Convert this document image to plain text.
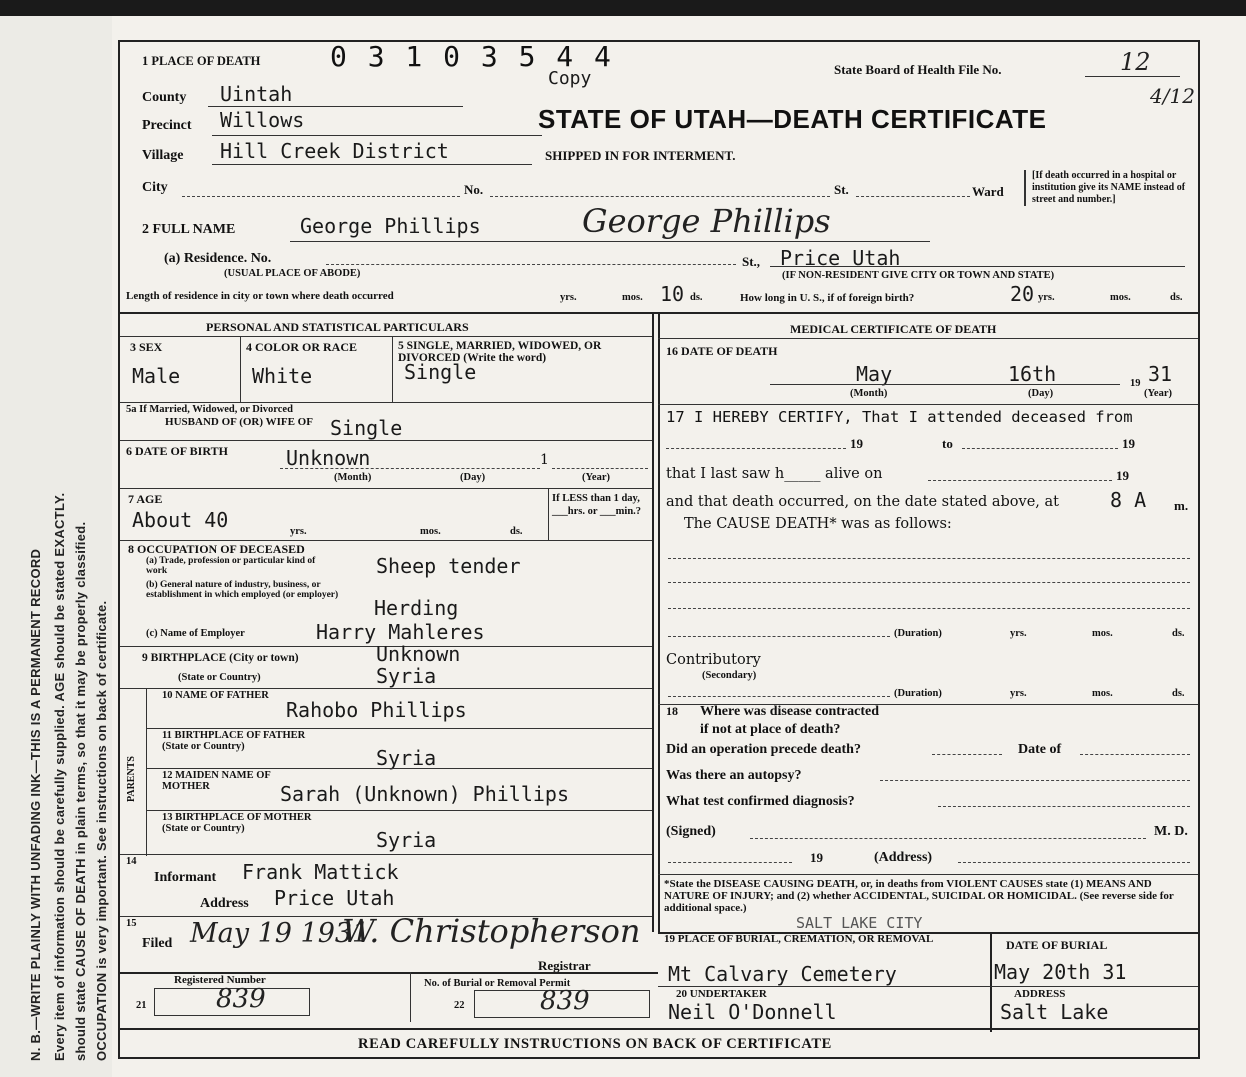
N. B.—WRITE PLAINLY WITH UNFADING INK—THIS IS A PERMANENT RECORD Every item of information should be carefully supplied. AGE should be stated EXACTLY. should state CAUSE OF DEATH in plain terms, so that it may be properly classified. OCCUPATION is very important. See instructions on back of certificate.
0 3 1 0 3 5 4 4
1 PLACE OF DEATH
Copy	State Board of Health File No.	12
4/12
STATE OF UTAH—DEATH CERTIFICATE
County Uintah
Precinct Willows
Village Hill Creek District	SHIPPED IN FOR INTERMENT.
City	No.	St.	Ward
[If death occurred in a hospital or institution give its NAME instead of street and number.]
2 FULL NAME	George Phillips	George Phillips
(a) Residence. No.
(USUAL PLACE OF ABODE)
St., Price Utah
(IF NON-RESIDENT GIVE CITY OR TOWN AND STATE)
Length of residence in city or town where death occurred	yrs.	mos. 10 ds.	How long in U. S., if of foreign birth?	20 yrs.	mos.	ds.
PERSONAL AND STATISTICAL PARTICULARS
3 SEX
Male
4 COLOR OR RACE
White
5 SINGLE, MARRIED, WIDOWED, OR DIVORCED (Write the word)
Single
5a If Married, Widowed, or Divorced
HUSBAND OF (OR) WIFE OF Single
6 DATE OF BIRTH	Unknown	1
(Month)	(Day)	(Year)
7 AGE
About 40	yrs.	mos.	ds.
If LESS than 1 day, ___hrs. or ___min.?
8 OCCUPATION OF DECEASED
(a) Trade, profession or particular kind of work	Sheep tender
(b) General nature of industry, business, or establishment in which employed (or employer)
Herding
(c) Name of Employer	Harry Mahleres
9 BIRTHPLACE (City or town)	Unknown
(State or Country)	Syria
PARENTS
10 NAME OF FATHER
Rahobo Phillips
11 BIRTHPLACE OF FATHER (State or Country)	Syria
12 MAIDEN NAME OF MOTHER	Sarah (Unknown) Phillips
13 BIRTHPLACE OF MOTHER (State or Country)	Syria
14
Informant Frank Mattick
Address Price Utah
15
Filed May 19 1931
W. Christopherson
Registrar
Registered Number
21	839
No. of Burial or Removal Permit
22	839
MEDICAL CERTIFICATE OF DEATH
16 DATE OF DEATH
May	16th	19 31
(Month)	(Day)	(Year)
17 I HEREBY CERTIFY, That I attended deceased from
19	to	19
that I last saw h_____ alive on	19
and that death occurred, on the date stated above, at	8 A m.
The CAUSE DEATH* was as follows:
(Duration)	yrs.	mos.	ds.
Contributory
(Secondary)
(Duration)	yrs.	mos.	ds.
18 Where was disease contracted
if not at place of death?
Did an operation precede death?	Date of
Was there an autopsy?
What test confirmed diagnosis?
(Signed)	M. D.
19	(Address)
*State the DISEASE CAUSING DEATH, or, in deaths from VIOLENT CAUSES state (1) MEANS AND NATURE OF INJURY; and (2) whether ACCIDENTAL, SUICIDAL OR HOMICIDAL. (See reverse side for additional space.)
SALT LAKE CITY
19 PLACE OF BURIAL, CREMATION, OR REMOVAL
Mt Calvary Cemetery
DATE OF BURIAL
May 20th 31
20 UNDERTAKER
Neil O'Donnell
ADDRESS
Salt Lake
READ CAREFULLY INSTRUCTIONS ON BACK OF CERTIFICATE
